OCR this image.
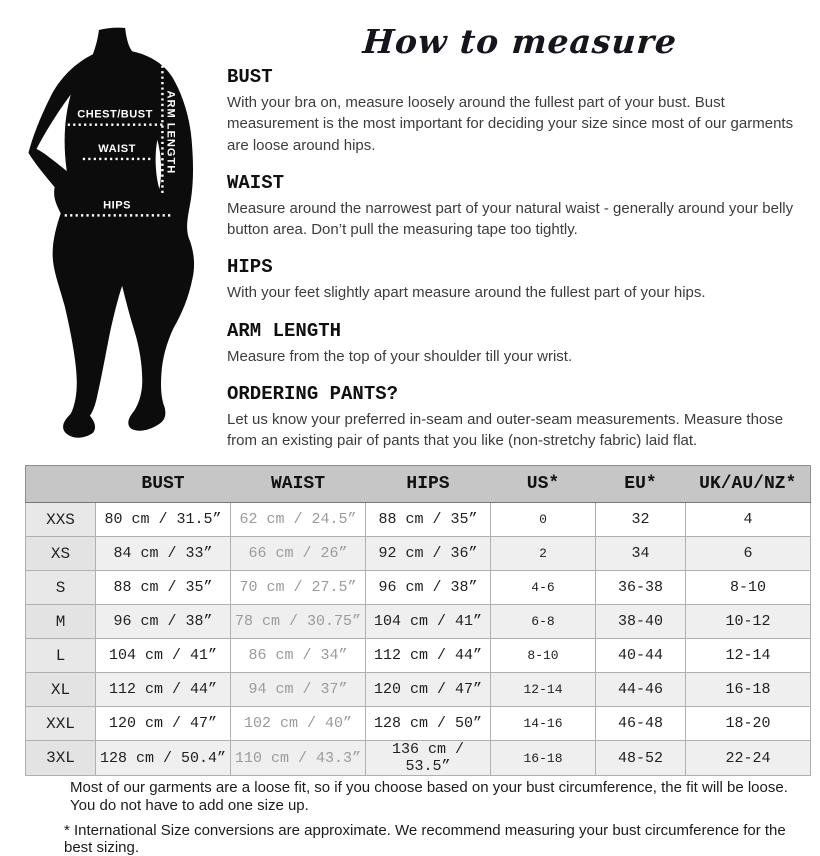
CHEST/BUST
WAIST
HIPS
ARM LENGTH
How to measure
BUST

With your bra on, measure loosely around the fullest part of your bust. Bust measurement is the most important for deciding your size since most of our garments are loose around hips.

WAIST

Measure around the narrowest part of your natural waist - generally around your belly button area. Don’t pull the measuring tape too tightly.

HIPS

With your feet slightly apart measure around the fullest part of your hips.

ARM LENGTH

Measure from the top of your shoulder till your wrist.

ORDERING PANTS?

Let us know your preferred in-seam and outer-seam measurements. Measure those from an existing pair of pants that you like (non-stretchy fabric) laid flat.

	BUST	WAIST	HIPS	US*	EU*	UK/AU/NZ*
XXS	80 cm / 31.5”	62 cm / 24.5”	88 cm / 35”	0	32	4
XS	84 cm / 33”	66 cm / 26”	92 cm / 36”	2	34	6
S	88 cm / 35”	70 cm / 27.5”	96 cm / 38”	4-6	36-38	8-10
M	96 cm / 38”	78 cm / 30.75”	104 cm / 41”	6-8	38-40	10-12
L	104 cm / 41”	86 cm / 34”	112 cm / 44”	8-10	40-44	12-14
XL	112 cm / 44”	94 cm / 37”	120 cm / 47”	12-14	44-46	16-18
XXL	120 cm / 47”	102 cm / 40”	128 cm / 50”	14-16	46-48	18-20
3XL	128 cm / 50.4”	110 cm / 43.3”	136 cm / 53.5”	16-18	48-52	22-24
Most of our garments are a loose fit, so if you choose based on your bust circumference, the fit will be loose.
You do not have to add one size up.
* International Size conversions are approximate. We recommend measuring your bust circumference for the best sizing.
